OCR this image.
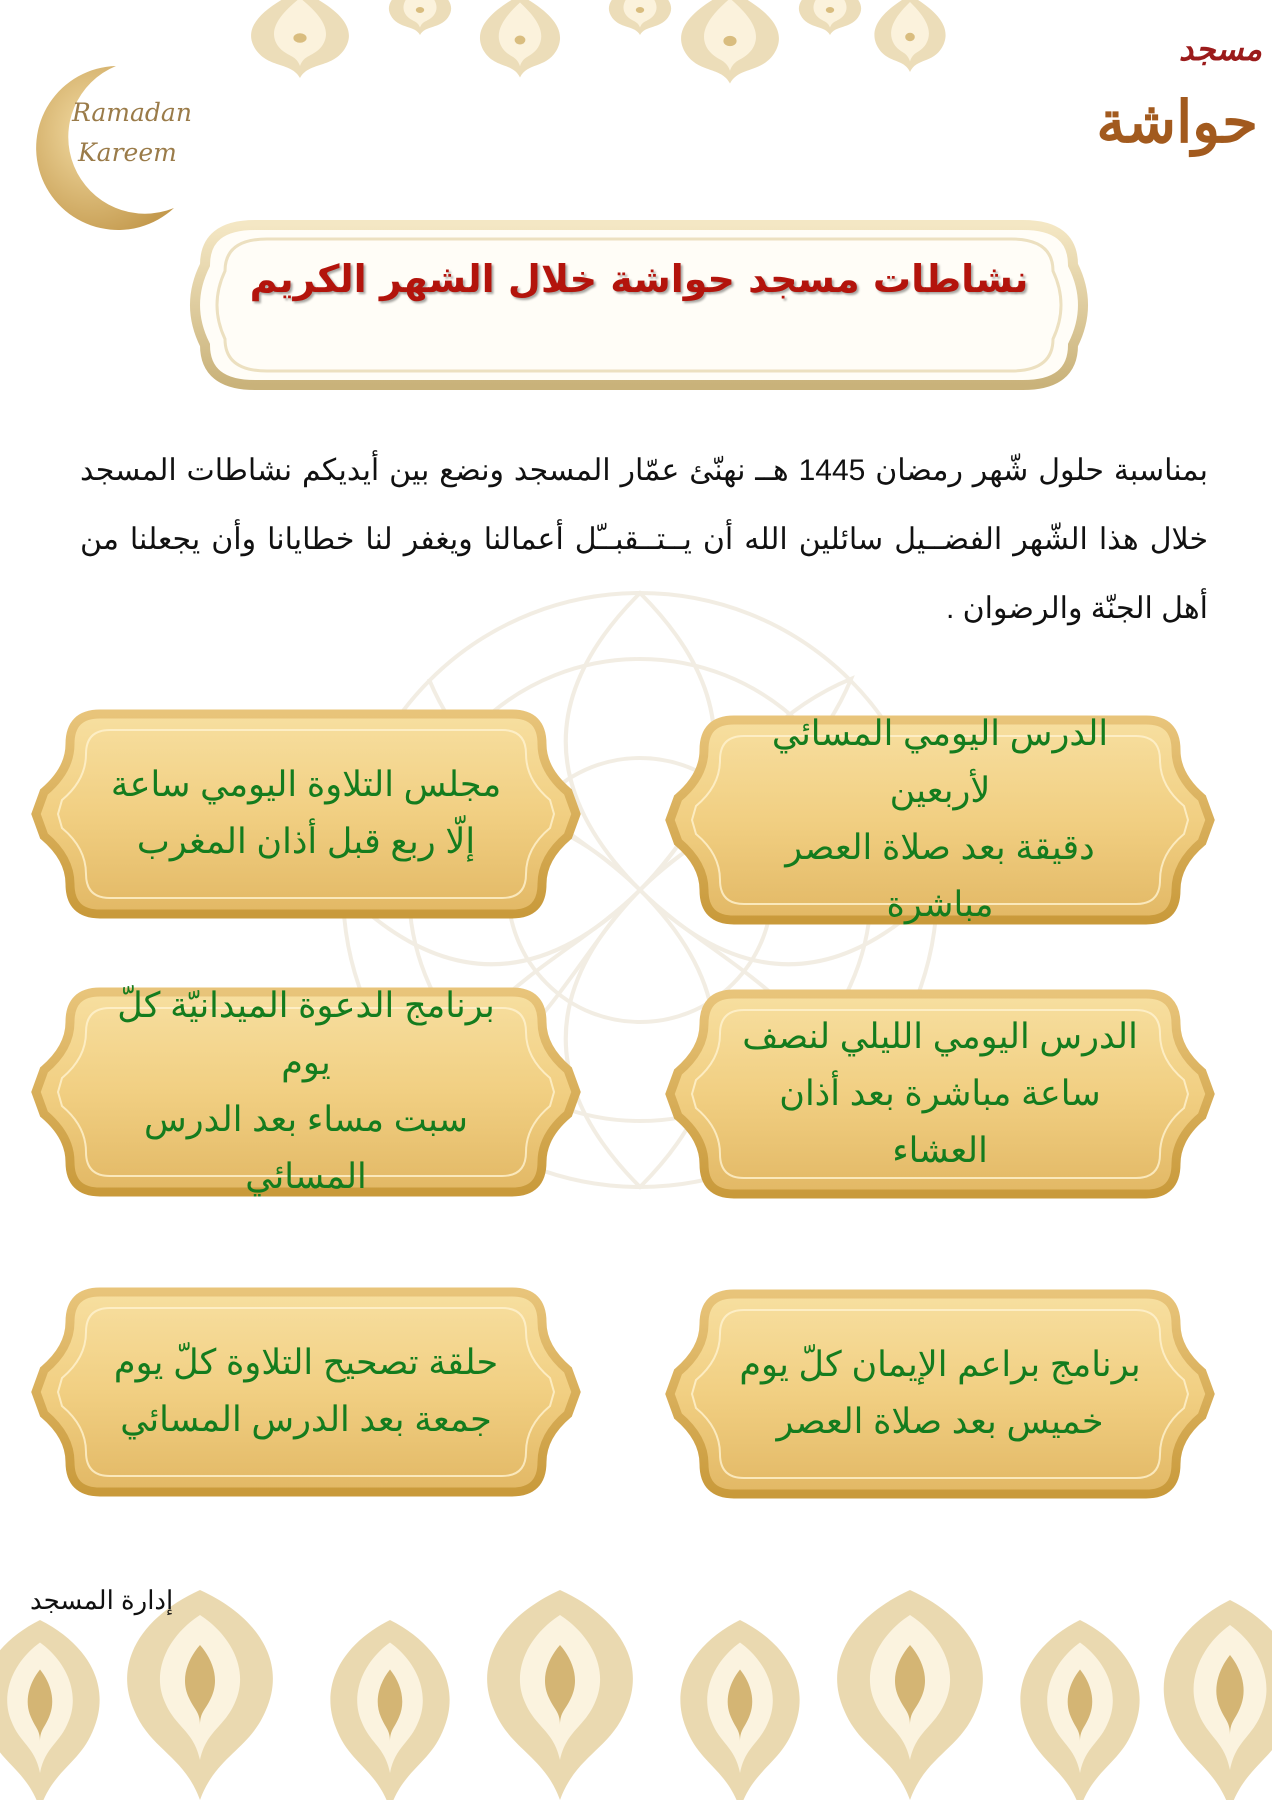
Ramadan
Kareem
مسجد
حواشة
نشاطات مسجد حواشة خلال الشهر الكريم
بمناسبة حلول شّهر رمضان 1445 هــ نهنّئ عمّار المسجد ونضع بين أيديكم نشاطات المسجد خلال هذا الشّهر الفضــيل سائلين الله أن يــتــقبــّل أعمالنا ويغفر لنا خطايانا وأن يجعلنا من أهل الجنّة والرضوان .
الدرس اليومي المسائي لأربعين
دقيقة بعد صلاة العصر مباشرة
مجلس التلاوة اليومي ساعة
إلّا ربع قبل أذان المغرب
الدرس اليومي الليلي لنصف
ساعة مباشرة بعد أذان العشاء
برنامج الدعوة الميدانيّة كلّ يوم
سبت مساء بعد الدرس المسائي
برنامج براعم الإيمان كلّ يوم
خميس بعد صلاة العصر
حلقة تصحيح التلاوة كلّ يوم
جمعة بعد الدرس المسائي
إدارة المسجد
